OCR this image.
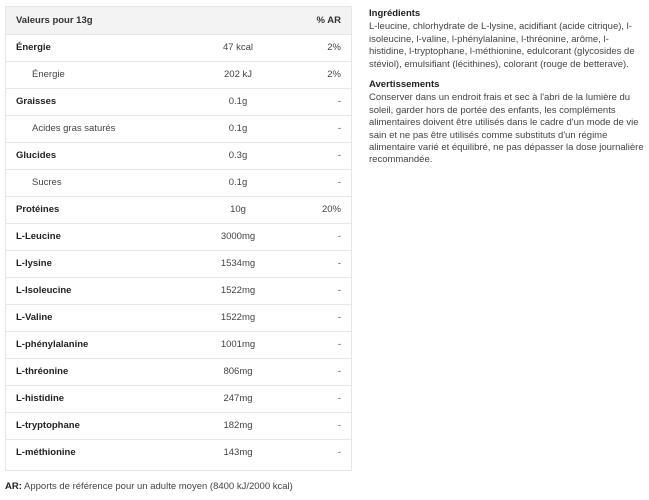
Valeurs pour 13g		% AR
Énergie	47 kcal	2%
Énergie	202 kJ	2%
Graisses	0.1g	-
Acides gras saturés	0.1g	-
Glucides	0.3g	-
Sucres	0.1g	-
Protéines	10g	20%
L-Leucine	3000mg	-
L-lysine	1534mg	-
L-Isoleucine	1522mg	-
L-Valine	1522mg	-
L-phénylalanine	1001mg	-
L-thréonine	806mg	-
L-histidine	247mg	-
L-tryptophane	182mg	-
L-méthionine	143mg	-
Ingrédients

L-leucine, chlorhydrate de L-lysine, acidifiant (acide citrique), l-isoleucine, l-valine, l-phénylalanine, l-thréonine, arôme, l-histidine, l-tryptophane, l-méthionine, edulcorant (glycosides de stéviol), emulsifiant (lécithines), colorant (rouge de betterave).

Avertissements

Conserver dans un endroit frais et sec à l'abri de la lumière du soleil, garder hors de portée des enfants, les compléments alimentaires doivent être utilisés dans le cadre d'un mode de vie sain et ne pas être utilisés comme substituts d'un régime alimentaire varié et équilibré, ne pas dépasser la dose journalière recommandée.

AR: Apports de référence pour un adulte moyen (8400 kJ/2000 kcal)
